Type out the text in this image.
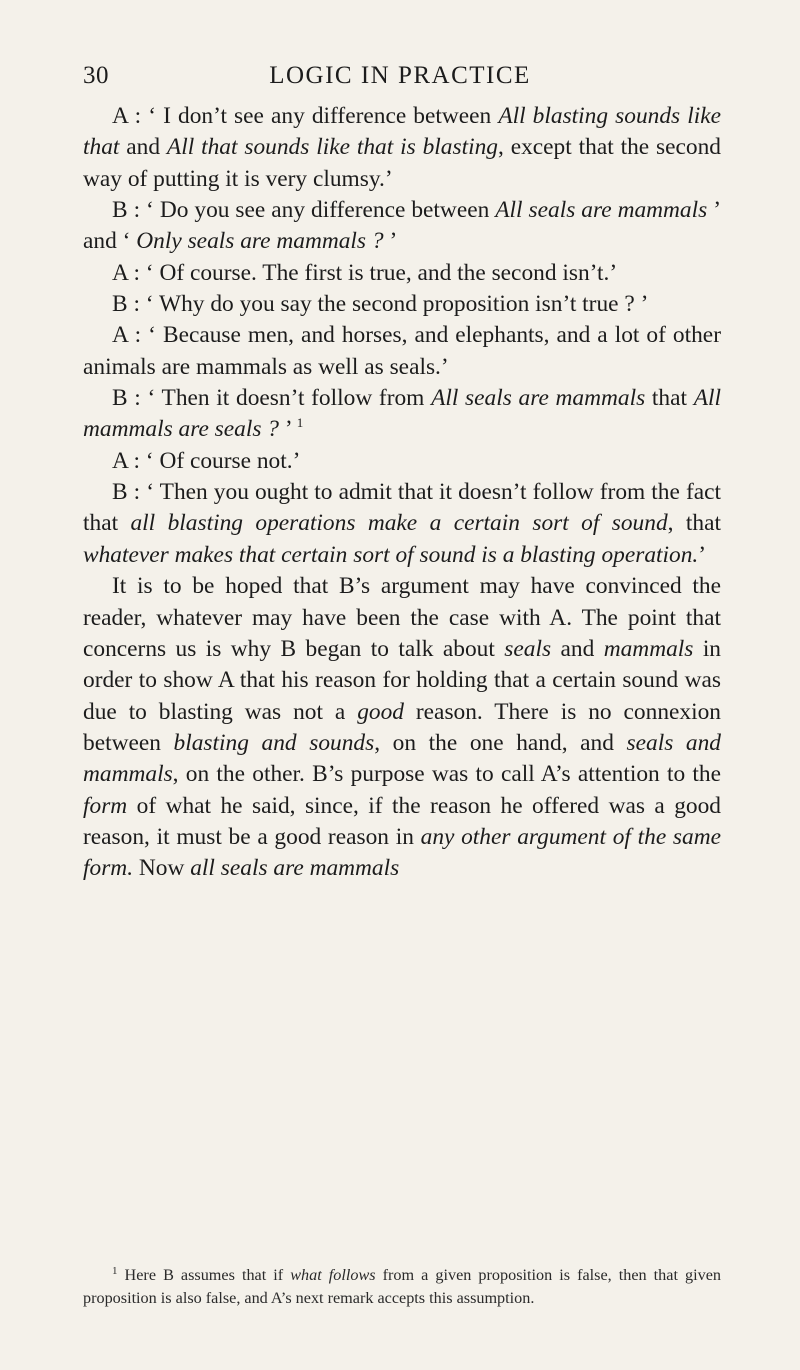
30	LOGIC IN PRACTICE

A : ‘ I don’t see any difference between All blasting sounds like that and All that sounds like that is blasting, except that the second way of putting it is very clumsy.’

B : ‘ Do you see any difference between All seals are mammals ’ and ‘ Only seals are mammals ? ’

A : ‘ Of course. The first is true, and the second isn’t.’

B : ‘ Why do you say the second proposition isn’t true ? ’

A : ‘ Because men, and horses, and elephants, and a lot of other animals are mammals as well as seals.’

B : ‘ Then it doesn’t follow from All seals are mammals that All mammals are seals ? ’ $^1$

A : ‘ Of course not.’

B : ‘ Then you ought to admit that it doesn’t follow from the fact that all blasting operations make a certain sort of sound, that whatever makes that certain sort of sound is a blasting operation.’

It is to be hoped that B’s argument may have convinced the reader, whatever may have been the case with A. The point that concerns us is why B began to talk about seals and mammals in order to show A that his reason for holding that a certain sound was due to blasting was not a good reason. There is no connexion between blasting and sounds, on the one hand, and seals and mammals, on the other. B’s purpose was to call A’s attention to the form of what he said, since, if the reason he offered was a good reason, it must be a good reason in any other argument of the same form. Now all seals are mammals

$^1$ Here B assumes that if what follows from a given proposition is false, then that given proposition is also false, and A’s next remark accepts this assumption.
